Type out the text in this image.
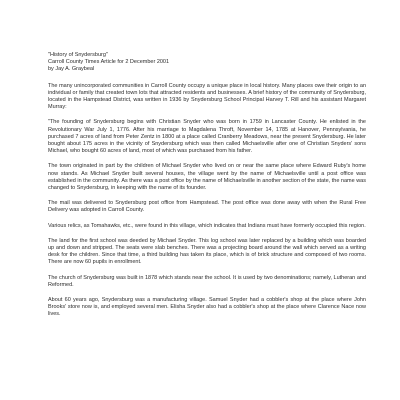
"History of Snydersburg"
Carroll County Times Article for 2 December 2001
by Jay A. Graybeal

The many unincorporated communities in Carroll County occupy a unique place in local history. Many places owe their origin to an individual or family that created town lots that attracted residents and businesses. A brief history of the community of Snydersburg, located in the Hampstead District, was written in 1936 by Snydersburg School Principal Harvey T. Rill and his assistant Margaret Murray:

"The founding of Snydersburg begins with Christian Snyder who was born in 1759 in Lancaster County. He enlisted in the Revolutionary War July 1, 1776. After his marriage to Magdalena Throft, November 14, 1785 at Hanover, Pennsylvania, he purchased 7 acres of land from Peter Zentz in 1800 at a place called Cranberry Meadows, near the present Snydersburg. He later bought about 175 acres in the vicinity of Snydersburg which was then called Michaelsville after one of Christian Snyders' sons Michael, who bought 60 acres of land, most of which was purchased from his father.

The town originated in part by the children of Michael Snyder who lived on or near the same place where Edward Ruby's home now stands. As Michael Snyder built several houses, the village went by the name of Michaelsville until a post office was established in the community. As there was a post office by the name of Michaelsville in another section of the state, the name was changed to Snydersburg, in keeping with the name of its founder.

The mail was delivered to Snydersburg post office from Hampstead. The post office was done away with when the Rural Free Delivery was adopted in Carroll County.

Various relics, as Tomahawks, etc., were found in this village, which indicates that Indians must have formerly occupied this region.

The land for the first school was deeded by Michael Snyder. This log school was later replaced by a building which was boarded up and down and stripped. The seats were slab benches. There was a projecting board around the wall which served as a writing desk for the children. Since that time, a third building has taken its place, which is of brick structure and composed of two rooms. There are now 60 pupils in enrollment.

The church of Snydersburg was built in 1878 which stands near the school. It is used by two denominations; namely, Lutheran and Reformed.

About 60 years ago, Snydersburg was a manufacturing village. Samuel Snyder had a cobbler's shop at the place where John Brooks' store now is, and employed several men. Elisha Snyder also had a cobbler's shop at the place where Clarence Nace now lives.
